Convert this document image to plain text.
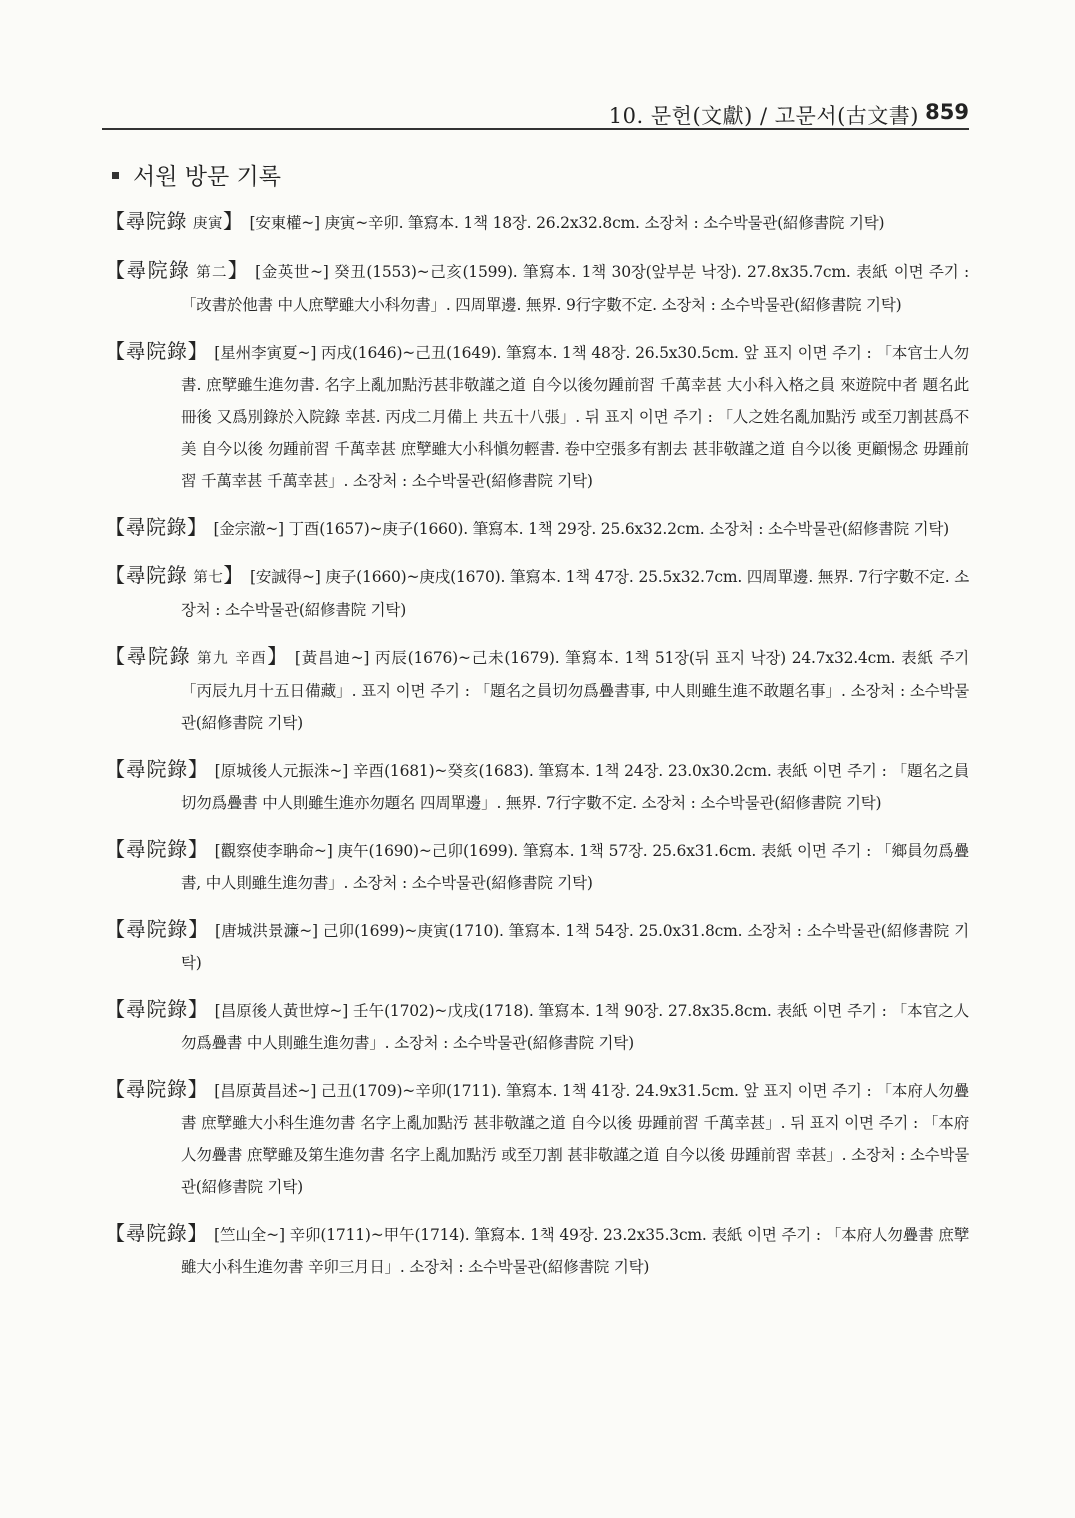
10. 문헌(文獻) / 고문서(古文書) 859
서원 방문 기록
【尋院錄 庚寅】 [安東權~] 庚寅~辛卯. 筆寫本. 1책 18장. 26.2x32.8cm. 소장처 : 소수박물관(紹修書院 기탁)
【尋院錄 第二】 [金英世~] 癸丑(1553)~己亥(1599). 筆寫本. 1책 30장(앞부분 낙장). 27.8x35.7cm. 表紙 이면 주기 : 「改書於他書 中人庶孼雖大小科勿書」. 四周單邊. 無界. 9行字數不定. 소장처 : 소수박물관(紹修書院 기탁)
【尋院錄】 [星州李寅夏~] 丙戌(1646)~己丑(1649). 筆寫本. 1책 48장. 26.5x30.5cm. 앞 표지 이면 주기 : 「本官士人勿書. 庶孼雖生進勿書. 名字上亂加點汚甚非敬謹之道 自今以後勿踵前習 千萬幸甚 大小科入格之員 來遊院中者 題名此冊後 又爲別錄於入院錄 幸甚. 丙戌二月備上 共五十八張」. 뒤 표지 이면 주기 : 「人之姓名亂加點汚 或至刀割甚爲不美 自今以後 勿踵前習 千萬幸甚 庶孼雖大小科愼勿輕書. 卷中空張多有割去 甚非敬謹之道 自今以後 更顧惕念 毋踵前習 千萬幸甚 千萬幸甚」. 소장처 : 소수박물관(紹修書院 기탁)
【尋院錄】 [金宗澈~] 丁酉(1657)~庚子(1660). 筆寫本. 1책 29장. 25.6x32.2cm. 소장처 : 소수박물관(紹修書院 기탁)
【尋院錄 第七】 [安誠得~] 庚子(1660)~庚戌(1670). 筆寫本. 1책 47장. 25.5x32.7cm. 四周單邊. 無界. 7行字數不定. 소장처 : 소수박물관(紹修書院 기탁)
【尋院錄 第九 辛酉】 [黃昌迪~] 丙辰(1676)~己未(1679). 筆寫本. 1책 51장(뒤 표지 낙장) 24.7x32.4cm. 表紙 주기 「丙辰九月十五日備藏」. 표지 이면 주기 : 「題名之員切勿爲疊書事, 中人則雖生進不敢題名事」. 소장처 : 소수박물관(紹修書院 기탁)
【尋院錄】 [原城後人元振洙~] 辛酉(1681)~癸亥(1683). 筆寫本. 1책 24장. 23.0x30.2cm. 表紙 이면 주기 : 「題名之員切勿爲疊書 中人則雖生進亦勿題名 四周單邊」. 無界. 7行字數不定. 소장처 : 소수박물관(紹修書院 기탁)
【尋院錄】 [觀察使李聃命~] 庚午(1690)~己卯(1699). 筆寫本. 1책 57장. 25.6x31.6cm. 表紙 이면 주기 : 「鄉員勿爲疊書, 中人則雖生進勿書」. 소장처 : 소수박물관(紹修書院 기탁)
【尋院錄】 [唐城洪景濂~] 己卯(1699)~庚寅(1710). 筆寫本. 1책 54장. 25.0x31.8cm. 소장처 : 소수박물관(紹修書院 기탁)
【尋院錄】 [昌原後人黃世焞~] 壬午(1702)~戊戌(1718). 筆寫本. 1책 90장. 27.8x35.8cm. 表紙 이면 주기 : 「本官之人勿爲疊書 中人則雖生進勿書」. 소장처 : 소수박물관(紹修書院 기탁)
【尋院錄】 [昌原黃昌述~] 己丑(1709)~辛卯(1711). 筆寫本. 1책 41장. 24.9x31.5cm. 앞 표지 이면 주기 : 「本府人勿疊書 庶孼雖大小科生進勿書 名字上亂加點汚 甚非敬謹之道 自今以後 毋踵前習 千萬幸甚」. 뒤 표지 이면 주기 : 「本府人勿疊書 庶孼雖及第生進勿書 名字上亂加點汚 或至刀割 甚非敬謹之道 自今以後 毋踵前習 幸甚」. 소장처 : 소수박물관(紹修書院 기탁)
【尋院錄】 [竺山全~] 辛卯(1711)~甲午(1714). 筆寫本. 1책 49장. 23.2x35.3cm. 表紙 이면 주기 : 「本府人勿疊書 庶孼雖大小科生進勿書 辛卯三月日」. 소장처 : 소수박물관(紹修書院 기탁)
